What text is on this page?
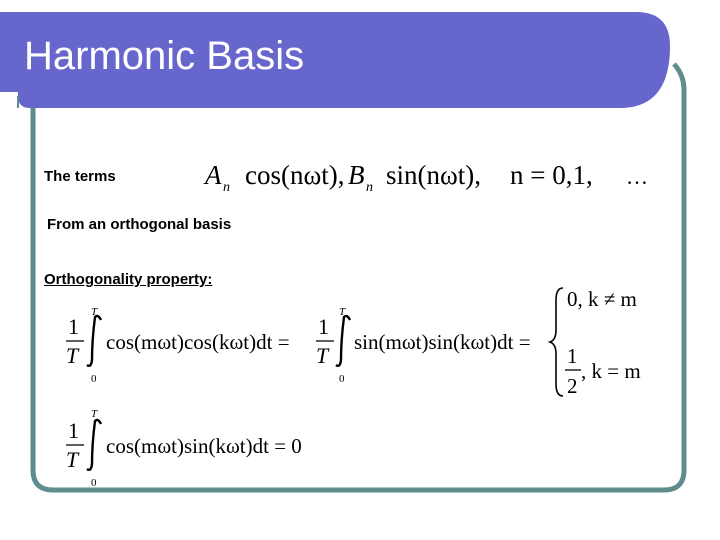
Harmonic Basis
The terms
From an orthogonal basis
Orthogonality property:
A n cos(nωt), B n sin(nωt), n = 0,1, …
1
T
T
0
cos(mωt)cos(kωt)dt =
1
T
T
0
sin(mωt)sin(kωt)dt =
0, k ≠ m
1
2
, k = m
1
T
T
0
cos(mωt)sin(kωt)dt = 0
